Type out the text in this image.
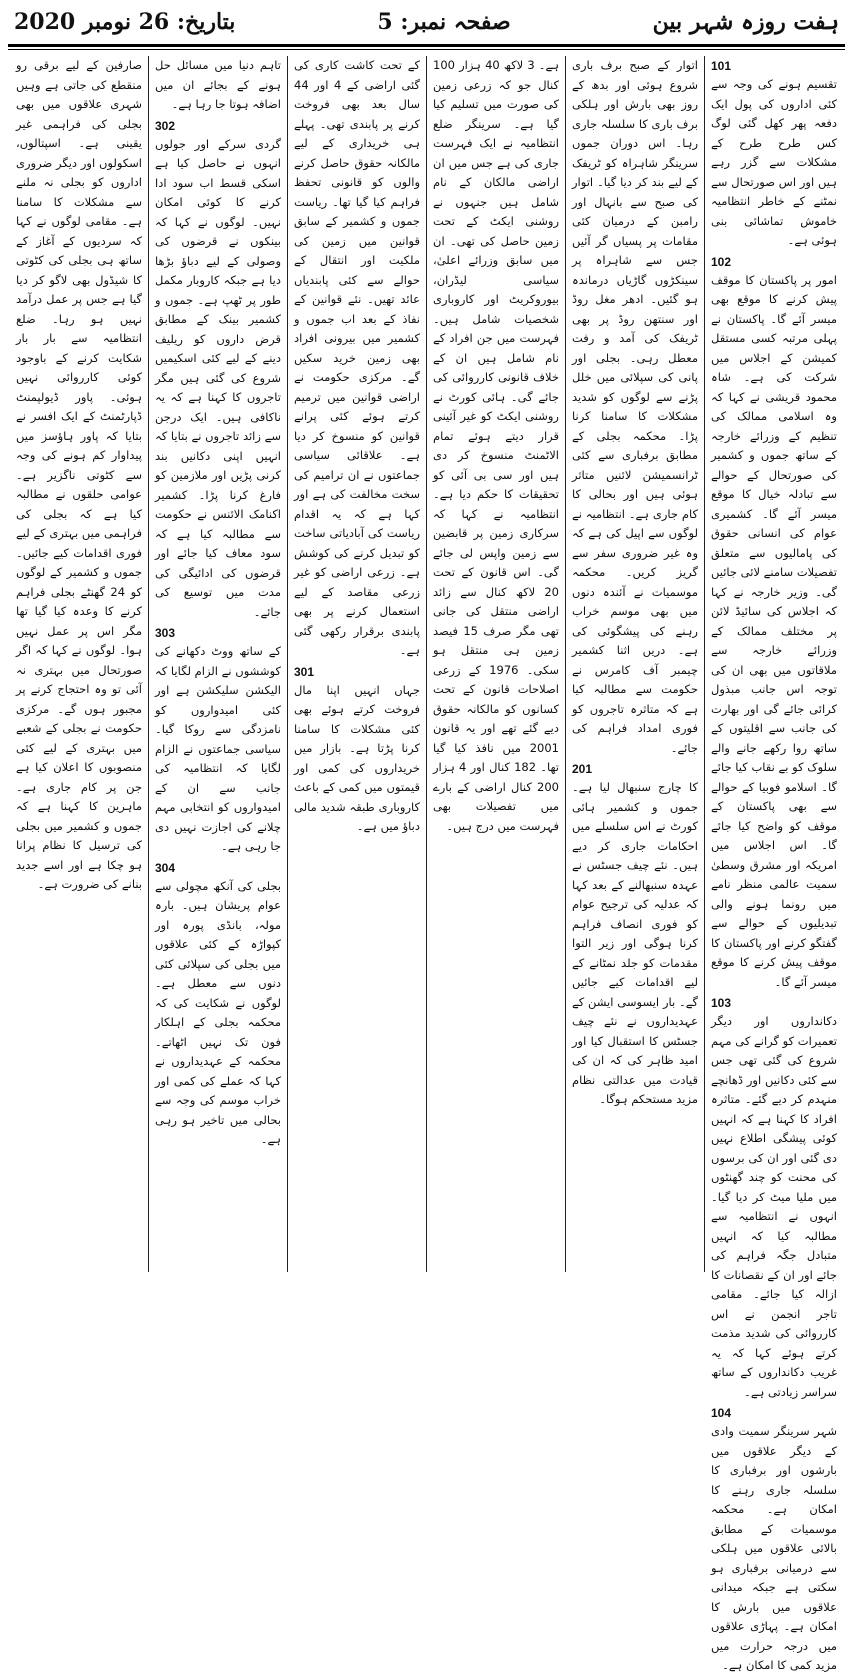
ہفت روزہ شہر بین
صفحہ نمبر: 5
بتاریخ: 26 نومبر 2020
101
تقسیم ہونے کی وجہ سے کئی اداروں کی پول ایک دفعہ پھر کھل گئی لوگ کس طرح طرح کے مشکلات سے گزر رہے ہیں اور اس صورتحال سے نمٹنے کے خاطر انتظامیہ خاموش تماشائی بنی ہوئی ہے۔
102
امور پر پاکستان کا موقف پیش کرنے کا موقع بھی میسر آئے گا۔ پاکستان نے پہلی مرتبہ کسی مستقل کمیشن کے اجلاس میں شرکت کی ہے۔ شاہ محمود قریشی نے کہا کہ وہ اسلامی ممالک کی تنظیم کے وزرائے خارجہ کے ساتھ جموں و کشمیر کی صورتحال کے حوالے سے تبادلہ خیال کا موقع میسر آئے گا۔ کشمیری عوام کی انسانی حقوق کی پامالیوں سے متعلق تفصیلات سامنے لائی جائیں گی۔ وزیر خارجہ نے کہا کہ اجلاس کی سائیڈ لائن پر مختلف ممالک کے وزرائے خارجہ سے ملاقاتوں میں بھی ان کی توجہ اس جانب مبذول کرائی جائے گی اور بھارت کی جانب سے اقلیتوں کے ساتھ روا رکھے جانے والے سلوک کو بے نقاب کیا جائے گا۔ اسلامو فوبیا کے حوالے سے بھی پاکستان کے موقف کو واضح کیا جائے گا۔ اس اجلاس میں امریکہ اور مشرق وسطیٰ سمیت عالمی منظر نامے میں رونما ہونے والی تبدیلیوں کے حوالے سے گفتگو کرنے اور پاکستان کا موقف پیش کرنے کا موقع میسر آئے گا۔
103
دکانداروں اور دیگر تعمیرات کو گرانے کی مہم شروع کی گئی تھی جس سے کئی دکانیں اور ڈھانچے منہدم کر دیے گئے۔ متاثرہ افراد کا کہنا ہے کہ انہیں کوئی پیشگی اطلاع نہیں دی گئی اور ان کی برسوں کی محنت کو چند گھنٹوں میں ملیا میٹ کر دیا گیا۔ انہوں نے انتظامیہ سے مطالبہ کیا کہ انہیں متبادل جگہ فراہم کی جائے اور ان کے نقصانات کا ازالہ کیا جائے۔ مقامی تاجر انجمن نے اس کارروائی کی شدید مذمت کرتے ہوئے کہا کہ یہ غریب دکانداروں کے ساتھ سراسر زیادتی ہے۔
104
شہر سرینگر سمیت وادی کے دیگر علاقوں میں بارشوں اور برفباری کا سلسلہ جاری رہنے کا امکان ہے۔ محکمہ موسمیات کے مطابق بالائی علاقوں میں ہلکی سے درمیانی برفباری ہو سکتی ہے جبکہ میدانی علاقوں میں بارش کا امکان ہے۔ پہاڑی علاقوں میں درجہ حرارت میں مزید کمی کا امکان ہے۔
اتوار کے صبح برف باری شروع ہوئی اور بدھ کے روز بھی بارش اور ہلکی برف باری کا سلسلہ جاری رہا۔ اس دوران جموں سرینگر شاہراہ کو ٹریفک کے لیے بند کر دیا گیا۔ اتوار کی صبح سے بانہال اور رامبن کے درمیان کئی مقامات پر پسیاں گر آئیں جس سے شاہراہ پر سینکڑوں گاڑیاں درماندہ ہو گئیں۔ ادھر مغل روڈ اور سنتھن روڈ پر بھی ٹریفک کی آمد و رفت معطل رہی۔ بجلی اور پانی کی سپلائی میں خلل پڑنے سے لوگوں کو شدید مشکلات کا سامنا کرنا پڑا۔ محکمہ بجلی کے مطابق برفباری سے کئی ٹرانسمیشن لائنیں متاثر ہوئی ہیں اور بحالی کا کام جاری ہے۔ انتظامیہ نے لوگوں سے اپیل کی ہے کہ وہ غیر ضروری سفر سے گریز کریں۔ محکمہ موسمیات نے آئندہ دنوں میں بھی موسم خراب رہنے کی پیشگوئی کی ہے۔ دریں اثنا کشمیر چیمبر آف کامرس نے حکومت سے مطالبہ کیا ہے کہ متاثرہ تاجروں کو فوری امداد فراہم کی جائے۔
201
کا چارج سنبھال لیا ہے۔ جموں و کشمیر ہائی کورٹ نے اس سلسلے میں احکامات جاری کر دیے ہیں۔ نئے چیف جسٹس نے عہدہ سنبھالنے کے بعد کہا کہ عدلیہ کی ترجیح عوام کو فوری انصاف فراہم کرنا ہوگی اور زیر التوا مقدمات کو جلد نمٹانے کے لیے اقدامات کیے جائیں گے۔ بار ایسوسی ایشن کے عہدیداروں نے نئے چیف جسٹس کا استقبال کیا اور امید ظاہر کی کہ ان کی قیادت میں عدالتی نظام مزید مستحکم ہوگا۔
ہے۔ 3 لاکھ 40 ہزار 100 کنال جو کہ زرعی زمین کی صورت میں تسلیم کیا گیا ہے۔ سرینگر ضلع انتظامیہ نے ایک فہرست جاری کی ہے جس میں ان اراضی مالکان کے نام شامل ہیں جنہوں نے روشنی ایکٹ کے تحت زمین حاصل کی تھی۔ ان میں سابق وزرائے اعلیٰ، سیاسی لیڈران، بیوروکریٹ اور کاروباری شخصیات شامل ہیں۔ فہرست میں جن افراد کے نام شامل ہیں ان کے خلاف قانونی کارروائی کی جائے گی۔ ہائی کورٹ نے روشنی ایکٹ کو غیر آئینی قرار دیتے ہوئے تمام الاٹمنٹ منسوخ کر دی ہیں اور سی بی آئی کو تحقیقات کا حکم دیا ہے۔ انتظامیہ نے کہا کہ سرکاری زمین پر قابضین سے زمین واپس لی جائے گی۔ اس قانون کے تحت 20 لاکھ کنال سے زائد اراضی منتقل کی جانی تھی مگر صرف 15 فیصد زمین ہی منتقل ہو سکی۔ 1976 کے زرعی اصلاحات قانون کے تحت کسانوں کو مالکانہ حقوق دیے گئے تھے اور یہ قانون 2001 میں نافذ کیا گیا تھا۔ 182 کنال اور 4 ہزار 200 کنال اراضی کے بارے میں تفصیلات بھی فہرست میں درج ہیں۔
کے تحت کاشت کاری کی گئی اراضی کے 4 اور 44 سال بعد بھی فروخت کرنے پر پابندی تھی۔ پہلے ہی خریداری کے لیے مالکانہ حقوق حاصل کرنے والوں کو قانونی تحفظ فراہم کیا گیا تھا۔ ریاست جموں و کشمیر کے سابق قوانین میں زمین کی ملکیت اور انتقال کے حوالے سے کئی پابندیاں عائد تھیں۔ نئے قوانین کے نفاذ کے بعد اب جموں و کشمیر میں بیرونی افراد بھی زمین خرید سکیں گے۔ مرکزی حکومت نے اراضی قوانین میں ترمیم کرتے ہوئے کئی پرانے قوانین کو منسوخ کر دیا ہے۔ علاقائی سیاسی جماعتوں نے ان ترامیم کی سخت مخالفت کی ہے اور کہا ہے کہ یہ اقدام ریاست کی آبادیاتی ساخت کو تبدیل کرنے کی کوشش ہے۔ زرعی اراضی کو غیر زرعی مقاصد کے لیے استعمال کرنے پر بھی پابندی برقرار رکھی گئی ہے۔
301
جہاں انہیں اپنا مال فروخت کرتے ہوئے بھی کئی مشکلات کا سامنا کرنا پڑتا ہے۔ بازار میں خریداروں کی کمی اور قیمتوں میں کمی کے باعث کاروباری طبقہ شدید مالی دباؤ میں ہے۔
تاہم دنیا میں مسائل حل ہونے کے بجائے ان میں اضافہ ہوتا جا رہا ہے۔
302
گردی سرکے اور جولوں انہوں نے حاصل کیا ہے اسکی قسط اب سود ادا کرنے کا کوئی امکان نہیں۔ لوگوں نے کہا کہ بینکوں نے قرضوں کی وصولی کے لیے دباؤ بڑھا دیا ہے جبکہ کاروبار مکمل طور پر ٹھپ ہے۔ جموں و کشمیر بینک کے مطابق قرض داروں کو ریلیف دینے کے لیے کئی اسکیمیں شروع کی گئی ہیں مگر تاجروں کا کہنا ہے کہ یہ ناکافی ہیں۔ ایک درجن سے زائد تاجروں نے بتایا کہ انہیں اپنی دکانیں بند کرنی پڑیں اور ملازمین کو فارغ کرنا پڑا۔ کشمیر اکنامک الائنس نے حکومت سے مطالبہ کیا ہے کہ سود معاف کیا جائے اور قرضوں کی ادائیگی کی مدت میں توسیع کی جائے۔
303
کے ساتھ ووٹ دکھانے کی کوششوں نے الزام لگایا کہ الیکشن سلیکشن ہے اور کئی امیدواروں کو نامزدگی سے روکا گیا۔ سیاسی جماعتوں نے الزام لگایا کہ انتظامیہ کی جانب سے ان کے امیدواروں کو انتخابی مہم چلانے کی اجازت نہیں دی جا رہی ہے۔
304
بجلی کی آنکھ مچولی سے عوام پریشان ہیں۔ بارہ مولہ، بانڈی پورہ اور کپواڑہ کے کئی علاقوں میں بجلی کی سپلائی کئی دنوں سے معطل ہے۔ لوگوں نے شکایت کی کہ محکمہ بجلی کے اہلکار فون تک نہیں اٹھاتے۔ محکمہ کے عہدیداروں نے کہا کہ عملے کی کمی اور خراب موسم کی وجہ سے بحالی میں تاخیر ہو رہی ہے۔
صارفین کے لیے برقی رو منقطع کی جاتی ہے وہیں شہری علاقوں میں بھی بجلی کی فراہمی غیر یقینی ہے۔ اسپتالوں، اسکولوں اور دیگر ضروری اداروں کو بجلی نہ ملنے سے مشکلات کا سامنا ہے۔ مقامی لوگوں نے کہا کہ سردیوں کے آغاز کے ساتھ ہی بجلی کی کٹوتی کا شیڈول بھی لاگو کر دیا گیا ہے جس پر عمل درآمد نہیں ہو رہا۔ ضلع انتظامیہ سے بار بار شکایت کرنے کے باوجود کوئی کارروائی نہیں ہوئی۔ پاور ڈیولپمنٹ ڈپارٹمنٹ کے ایک افسر نے بتایا کہ پاور ہاؤسز میں پیداوار کم ہونے کی وجہ سے کٹوتی ناگزیر ہے۔ عوامی حلقوں نے مطالبہ کیا ہے کہ بجلی کی فراہمی میں بہتری کے لیے فوری اقدامات کیے جائیں۔ جموں و کشمیر کے لوگوں کو 24 گھنٹے بجلی فراہم کرنے کا وعدہ کیا گیا تھا مگر اس پر عمل نہیں ہوا۔ لوگوں نے کہا کہ اگر صورتحال میں بہتری نہ آئی تو وہ احتجاج کرنے پر مجبور ہوں گے۔ مرکزی حکومت نے بجلی کے شعبے میں بہتری کے لیے کئی منصوبوں کا اعلان کیا ہے جن پر کام جاری ہے۔ ماہرین کا کہنا ہے کہ جموں و کشمیر میں بجلی کی ترسیل کا نظام پرانا ہو چکا ہے اور اسے جدید بنانے کی ضرورت ہے۔
